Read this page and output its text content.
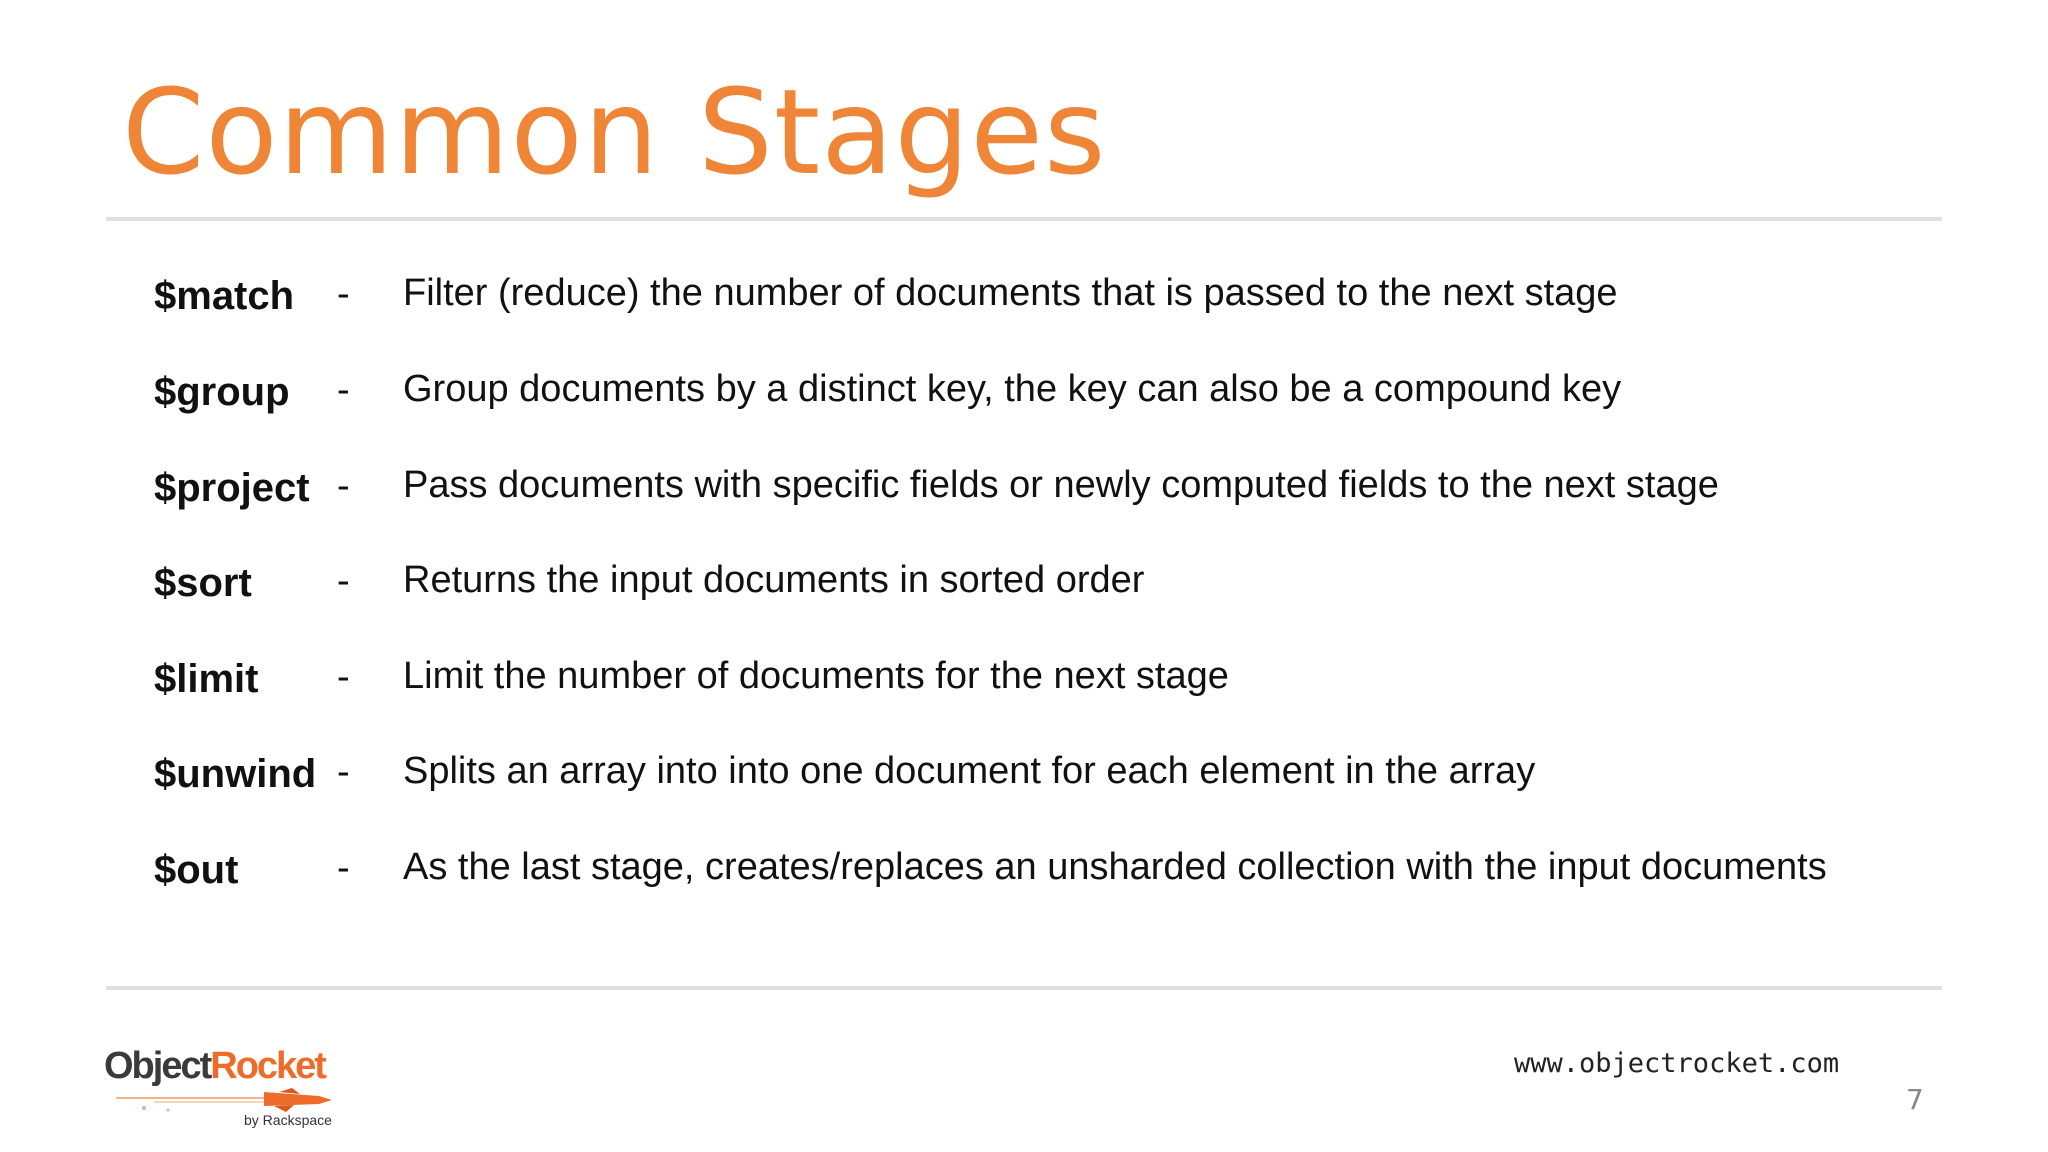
Common Stages
$match - Filter (reduce) the number of documents that is passed to the next stage
$group - Group documents by a distinct key, the key can also be a compound key
$project - Pass documents with specific fields or newly computed fields to the next stage
$sort - Returns the input documents in sorted order
$limit - Limit the number of documents for the next stage
$unwind - Splits an array into into one document for each element in the array
$out	- As the last stage, creates/replaces an unsharded collection with the input documents
ObjectRocket
by Rackspace
www.objectrocket.com
7
